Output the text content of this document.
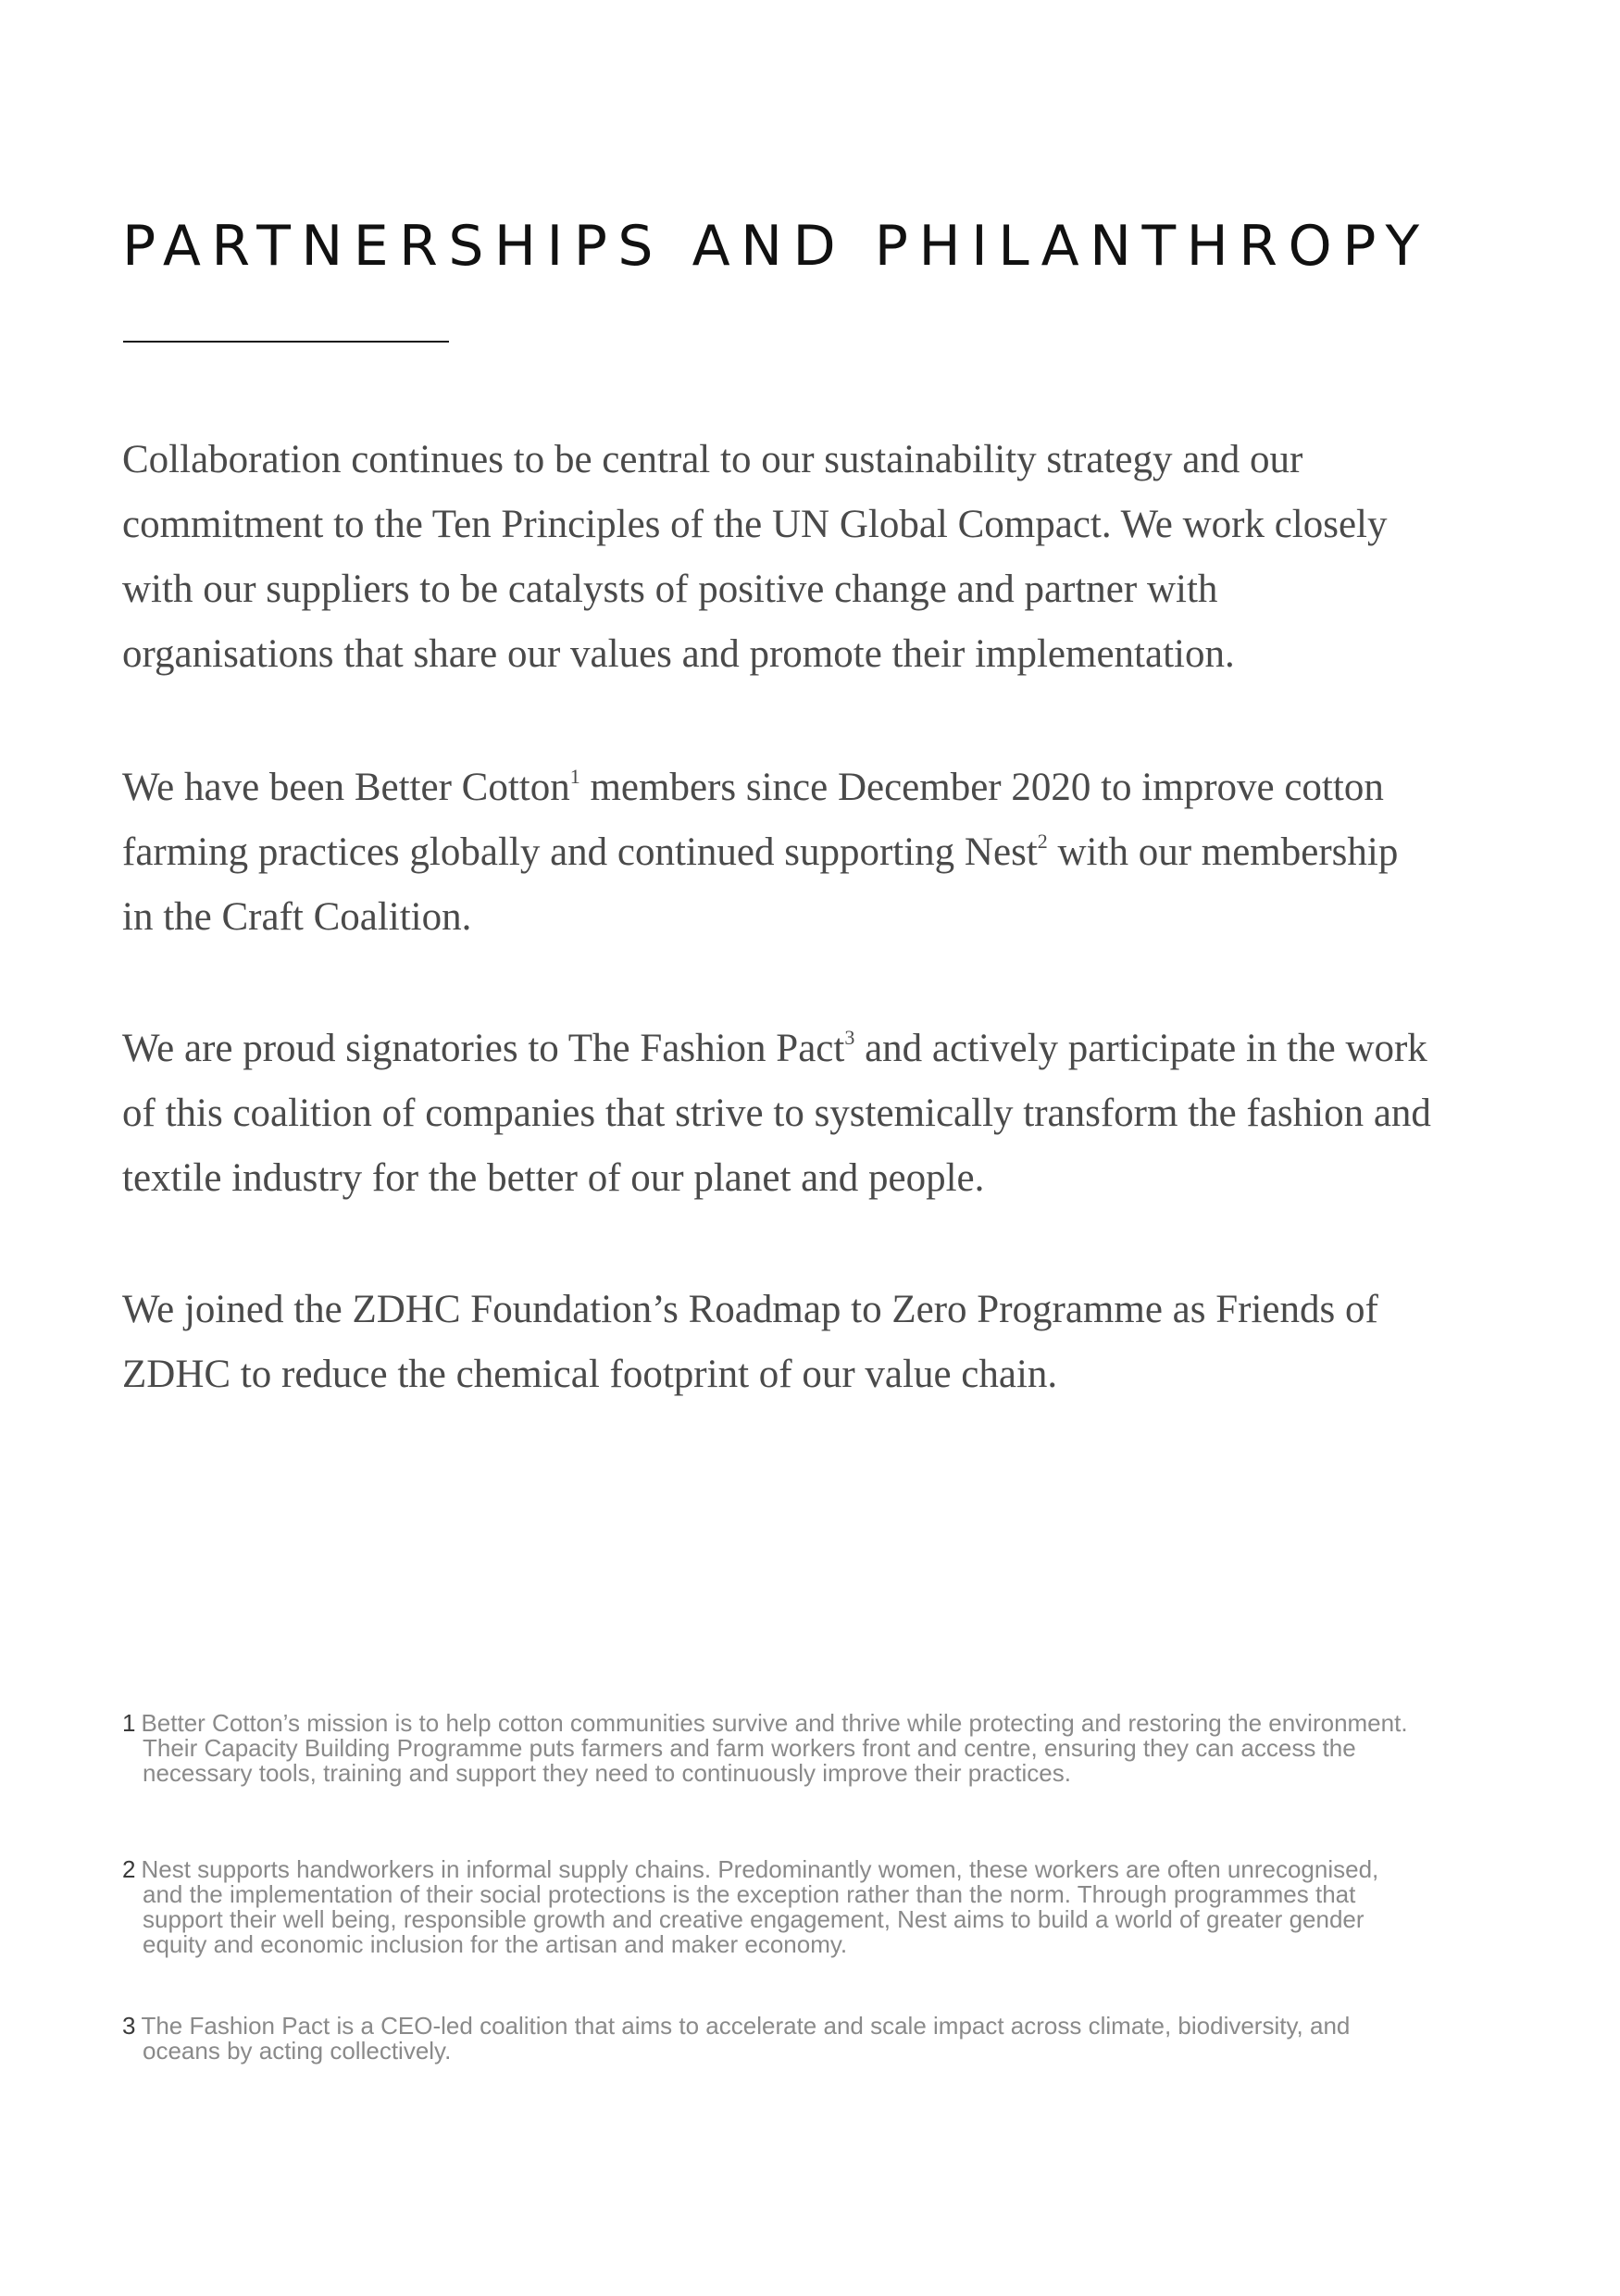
PARTNERSHIPS AND PHILANTHROPY

Collaboration continues to be central to our sustainability strategy and our
commitment to the Ten Principles of the UN Global Compact. We work closely
with our suppliers to be catalysts of positive change and partner with
organisations that share our values and promote their implementation.

We have been Better Cotton$^1$ members since December 2020 to improve cotton
farming practices globally and continued supporting Nest$^2$ with our membership
in the Craft Coalition.

We are proud signatories to The Fashion Pact$^3$ and actively participate in the work
of this coalition of companies that strive to systemically transform the fashion and
textile industry for the better of our planet and people.

We joined the ZDHC Foundation’s Roadmap to Zero Programme as Friends of
ZDHC to reduce the chemical footprint of our value chain.

1 Better Cotton’s mission is to help cotton communities survive and thrive while protecting and restoring the environment.
Their Capacity Building Programme puts farmers and farm workers front and centre, ensuring they can access the
necessary tools, training and support they need to continuously improve their practices.
2 Nest supports handworkers in informal supply chains. Predominantly women, these workers are often unrecognised,
and the implementation of their social protections is the exception rather than the norm. Through programmes that
support their well being, responsible growth and creative engagement, Nest aims to build a world of greater gender
equity and economic inclusion for the artisan and maker economy.
3 The Fashion Pact is a CEO-led coalition that aims to accelerate and scale impact across climate, biodiversity, and
oceans by acting collectively.
